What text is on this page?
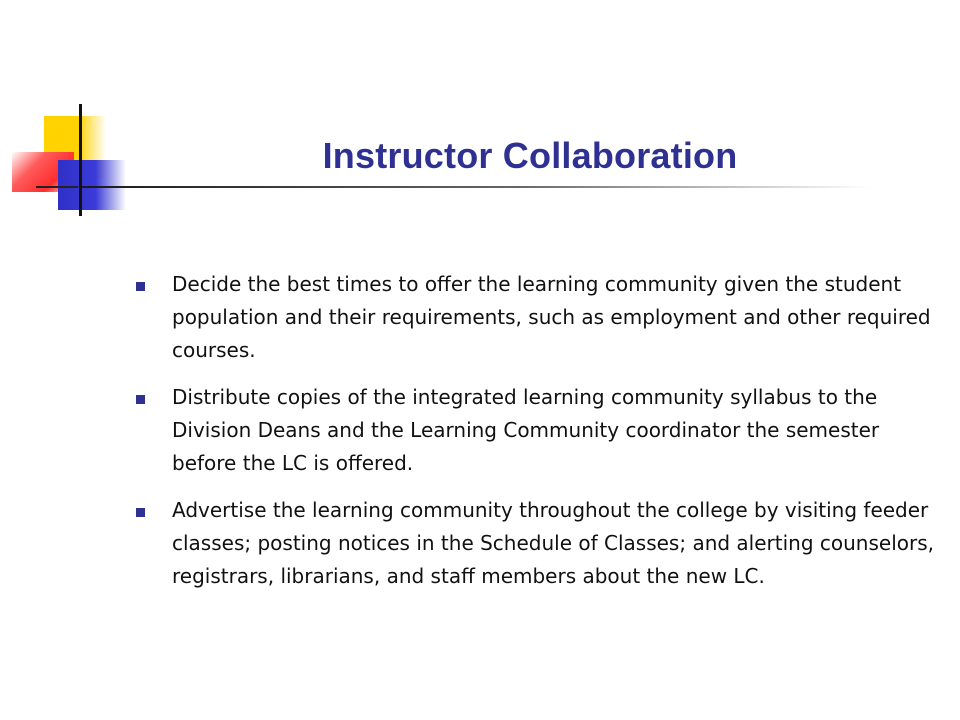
Instructor Collaboration
Decide the best times to offer the learning community given the student population and their requirements, such as employment and other required courses.
Distribute copies of the integrated learning community syllabus to the Division Deans and the Learning Community coordinator the semester before the LC is offered.
Advertise the learning community throughout the college by visiting feeder classes; posting notices in the Schedule of Classes; and alerting counselors, registrars, librarians, and staff members about the new LC.
